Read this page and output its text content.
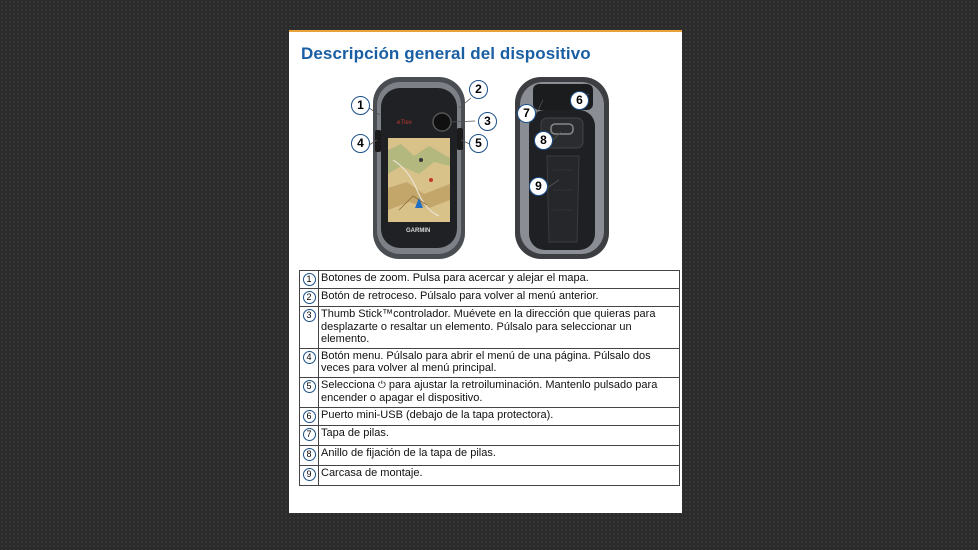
Descripción general del dispositivo
eTrex
GARMIN
1
2
3
4	5
6
7
8
9
1	Botones de zoom. Pulsa para acercar y alejar el mapa.
2	Botón de retroceso. Púlsalo para volver al menú anterior.
3	Thumb Stick™controlador. Muévete en la dirección que quieras para desplazarte o resaltar un elemento. Púlsalo para seleccionar un elemento.
4	Botón menu. Púlsalo para abrir el menú de una página. Púlsalo dos veces para volver al menú principal.
5	Selecciona ⏻ para ajustar la retroiluminación. Mantenlo pulsado para encender o apagar el dispositivo.
6	Puerto mini-USB (debajo de la tapa protectora).
7	Tapa de pilas.
8	Anillo de fijación de la tapa de pilas.
9	Carcasa de montaje.
